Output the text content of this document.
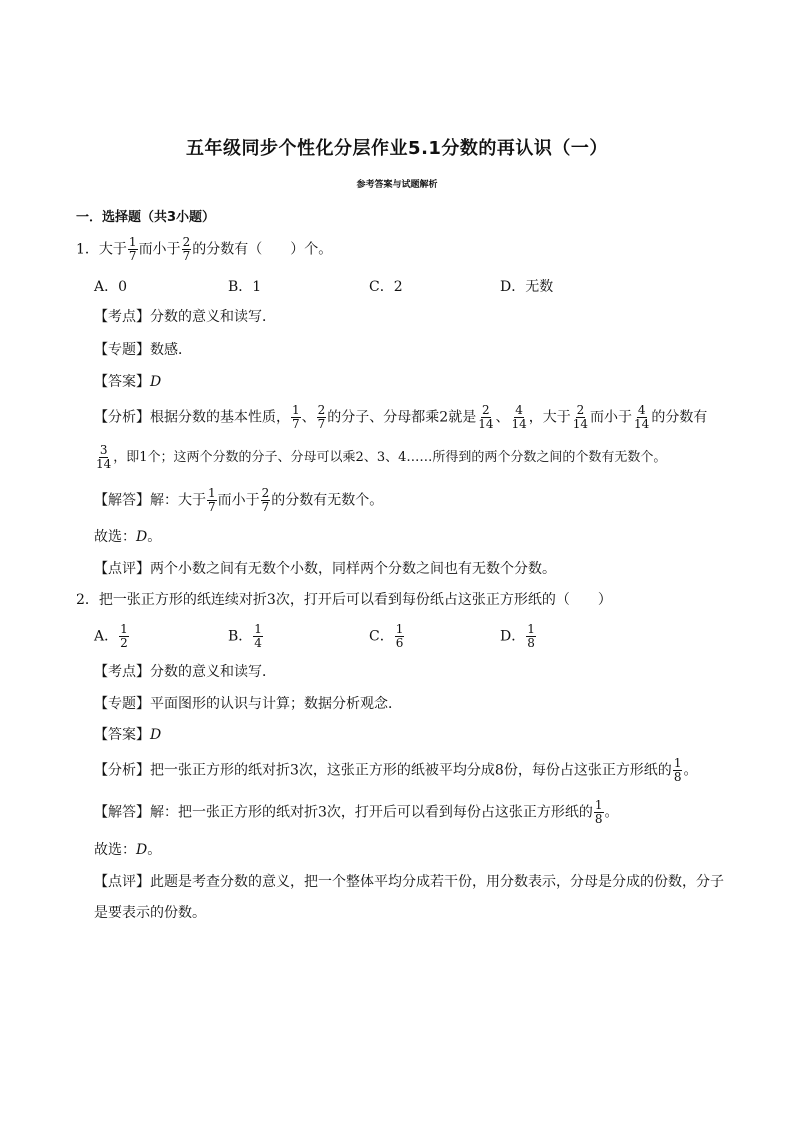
五年级同步个性化分层作业5.1分数的再认识（一）
参考答案与试题解析
一．选择题（共3小题）
1．大于 $\frac{1}{7}$ 而小于 $\frac{2}{7}$ 的分数有（　　）个。
A．0	B．1	C．2	D．无数
【考点】分数的意义和读写．
【专题】数感．
【答案】D
【分析】根据分数的基本性质， $\frac{1}{7}$ 、 $\frac{2}{7}$ 的分子、分母都乘2就是 $\frac{2}{14}$ 、 $\frac{4}{14}$ ，大于 $\frac{2}{14}$ 而小于 $\frac{4}{14}$ 的分数有
$\frac{3}{14}$ ，即1个；这两个分数的分子、分母可以乘2、3、4……所得到的两个分数之间的个数有无数个。
【解答】解：大于 $\frac{1}{7}$ 而小于 $\frac{2}{7}$ 的分数有无数个。
故选：D。
【点评】两个小数之间有无数个小数，同样两个分数之间也有无数个分数。
2．把一张正方形的纸连续对折3次，打开后可以看到每份纸占这张正方形纸的（　　）
A． $\frac{1}{2}$	B． $\frac{1}{4}$	C． $\frac{1}{6}$	D． $\frac{1}{8}$
【考点】分数的意义和读写．
【专题】平面图形的认识与计算；数据分析观念．
【答案】D
【分析】把一张正方形的纸对折3次，这张正方形的纸被平均分成8份，每份占这张正方形纸的 $\frac{1}{8}$ 。
【解答】解：把一张正方形的纸对折3次，打开后可以看到每份占这张正方形纸的 $\frac{1}{8}$ 。
故选：D。
【点评】此题是考查分数的意义，把一个整体平均分成若干份，用分数表示，分母是分成的份数，分子
是要表示的份数。
